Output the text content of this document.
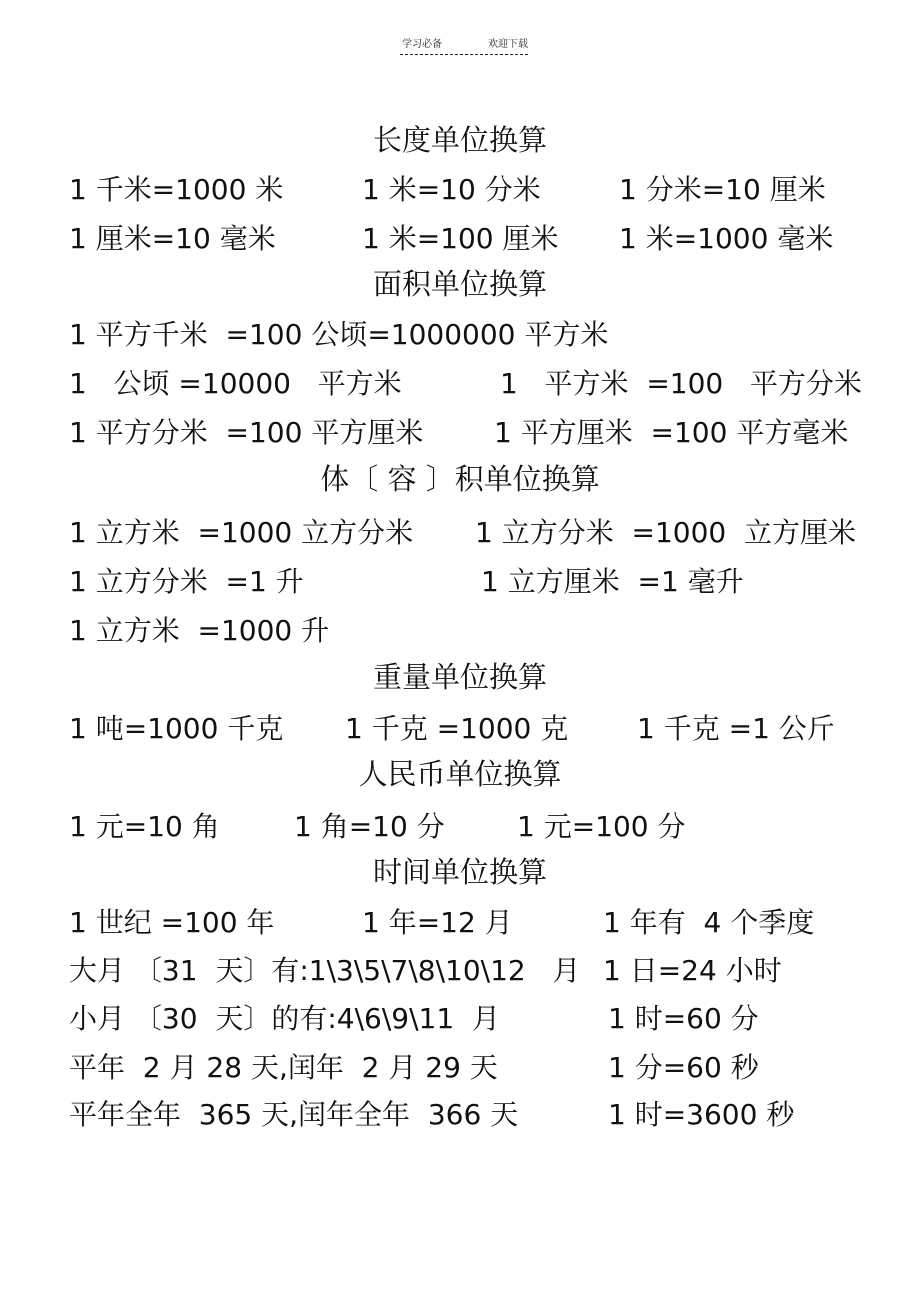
学习必备	欢迎下载
长度单位换算
1 千米=1000 米	1 米=10 分米	1 分米=10 厘米
1 厘米=10 毫米	1 米=100 厘米 1 米=1000 毫米
面积单位换算
1 平方千米  =100 公顷=1000000 平方米
1   公顷 =10000   平方米	1   平方米  =100   平方分米
1 平方分米  =100 平方厘米	1 平方厘米  =100 平方毫米
体〔 容 〕积单位换算
1 立方米  =1000 立方分米 1 立方分米  =1000  立方厘米
1 立方分米  =1 升	1 立方厘米  =1 毫升
1 立方米  =1000 升
重量单位换算
1 吨=1000 千克 1 千克 =1000 克 1 千克 =1 公斤
人民币单位换算
1 元=10 角	1 角=10 分	1 元=100 分
时间单位换算
1 世纪 =100 年	1 年=12 月	1 年有  4 个季度
大月 〔31  天〕有:1\3\5\7\8\10\12   月 1 日=24 小时
小月 〔30  天〕的有:4\6\9\11  月	1 时=60 分
平年  2 月 28 天,闰年  2 月 29 天	1 分=60 秒
平年全年  365 天,闰年全年  366 天	1 时=3600 秒
